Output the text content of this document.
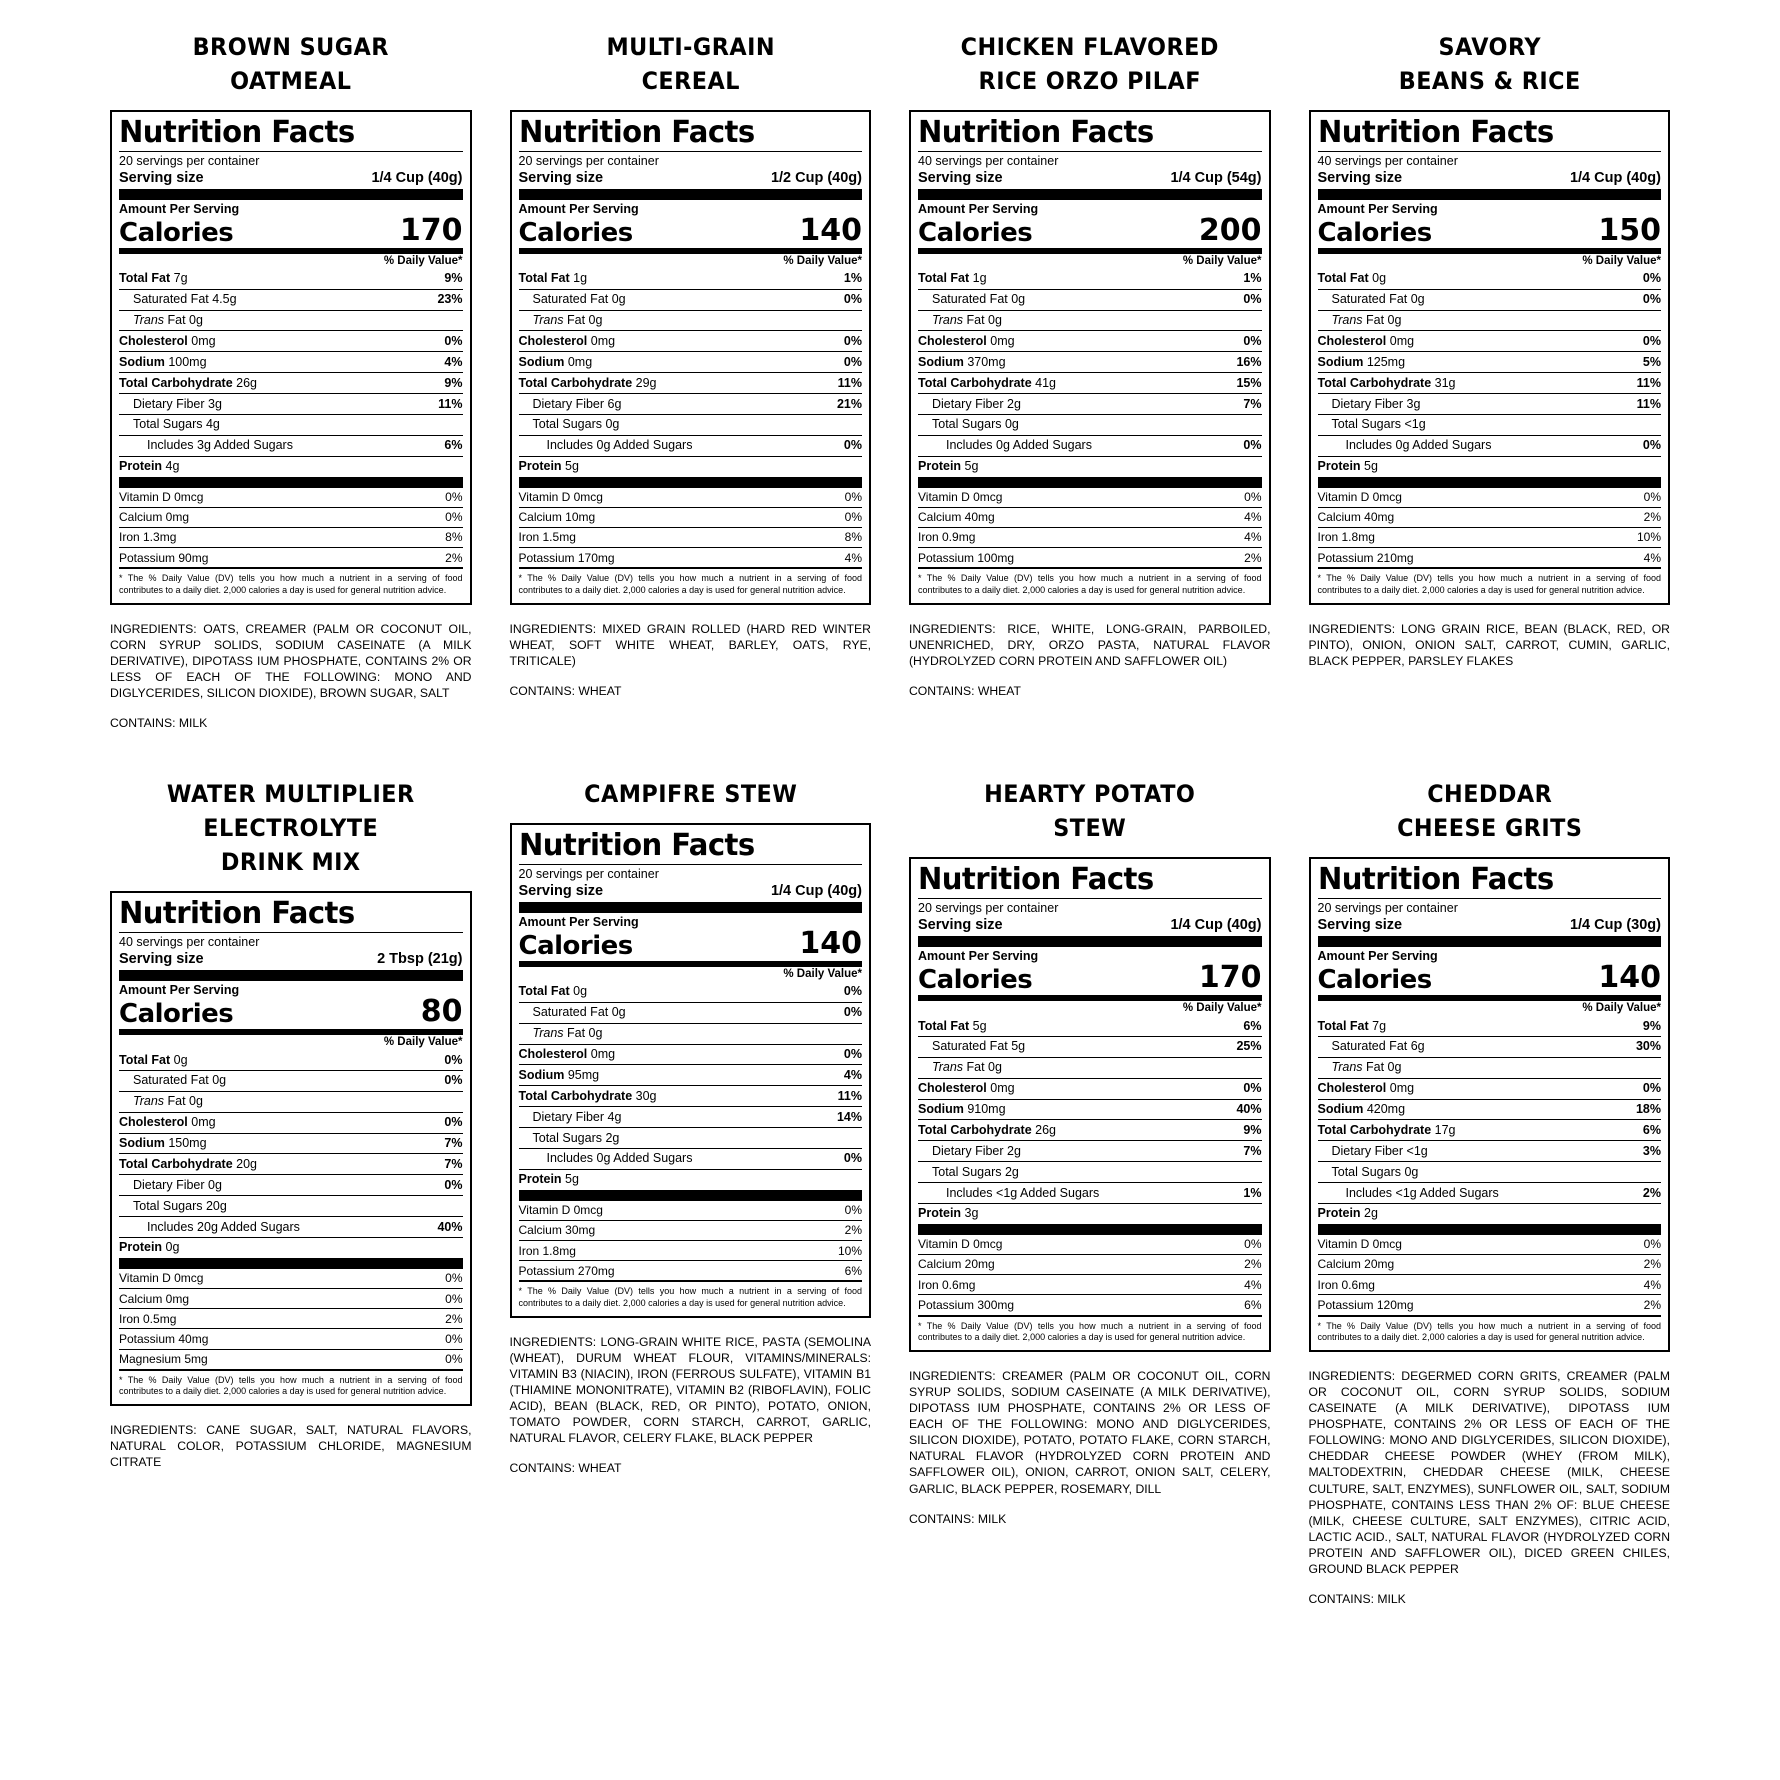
BROWN SUGAR
OATMEAL
Nutrition Facts
20 servings per container
Serving size	1/4 Cup (40g)
Amount Per Serving
Calories	170
% Daily Value*
Total Fat 7g	9%
Saturated Fat 4.5g	23%
Trans Fat 0g
Cholesterol 0mg	0%
Sodium 100mg	4%
Total Carbohydrate 26g	9%
Dietary Fiber 3g	11%
Total Sugars 4g
Includes 3g Added Sugars	6%
Protein 4g
Vitamin D 0mcg	0%
Calcium 0mg	0%
Iron 1.3mg	8%
Potassium 90mg	2%
* The % Daily Value (DV) tells you how much a nutrient in a serving of food contributes to a daily diet. 2,000 calories a day is used for general nutrition advice.
INGREDIENTS: OATS, CREAMER (PALM OR COCONUT OIL, CORN SYRUP SOLIDS, SODIUM CASEINATE (A MILK DERIVATIVE), DIPOTASS IUM PHOSPHATE, CONTAINS 2% OR LESS OF EACH OF THE FOLLOWING: MONO AND DIGLYCERIDES, SILICON DIOXIDE), BROWN SUGAR, SALT
CONTAINS: MILK
MULTI-GRAIN
CEREAL
Nutrition Facts
20 servings per container
Serving size	1/2 Cup (40g)
Amount Per Serving
Calories	140
% Daily Value*
Total Fat 1g	1%
Saturated Fat 0g	0%
Trans Fat 0g
Cholesterol 0mg	0%
Sodium 0mg	0%
Total Carbohydrate 29g	11%
Dietary Fiber 6g	21%
Total Sugars 0g
Includes 0g Added Sugars	0%
Protein 5g
Vitamin D 0mcg	0%
Calcium 10mg	0%
Iron 1.5mg	8%
Potassium 170mg	4%
* The % Daily Value (DV) tells you how much a nutrient in a serving of food contributes to a daily diet. 2,000 calories a day is used for general nutrition advice.
INGREDIENTS: MIXED GRAIN ROLLED (HARD RED WINTER WHEAT, SOFT WHITE WHEAT, BARLEY, OATS, RYE, TRITICALE)
CONTAINS: WHEAT
CHICKEN FLAVORED
RICE ORZO PILAF
Nutrition Facts
40 servings per container
Serving size	1/4 Cup (54g)
Amount Per Serving
Calories	200
% Daily Value*
Total Fat 1g	1%
Saturated Fat 0g	0%
Trans Fat 0g
Cholesterol 0mg	0%
Sodium 370mg	16%
Total Carbohydrate 41g	15%
Dietary Fiber 2g	7%
Total Sugars 0g
Includes 0g Added Sugars	0%
Protein 5g
Vitamin D 0mcg	0%
Calcium 40mg	4%
Iron 0.9mg	4%
Potassium 100mg	2%
* The % Daily Value (DV) tells you how much a nutrient in a serving of food contributes to a daily diet. 2,000 calories a day is used for general nutrition advice.
INGREDIENTS: RICE, WHITE, LONG-GRAIN, PARBOILED, UNENRICHED, DRY, ORZO PASTA, NATURAL FLAVOR (HYDROLYZED CORN PROTEIN AND SAFFLOWER OIL)
CONTAINS: WHEAT
SAVORY
BEANS & RICE
Nutrition Facts
40 servings per container
Serving size	1/4 Cup (40g)
Amount Per Serving
Calories	150
% Daily Value*
Total Fat 0g	0%
Saturated Fat 0g	0%
Trans Fat 0g
Cholesterol 0mg	0%
Sodium 125mg	5%
Total Carbohydrate 31g	11%
Dietary Fiber 3g	11%
Total Sugars <1g
Includes 0g Added Sugars	0%
Protein 5g
Vitamin D 0mcg	0%
Calcium 40mg	2%
Iron 1.8mg	10%
Potassium 210mg	4%
* The % Daily Value (DV) tells you how much a nutrient in a serving of food contributes to a daily diet. 2,000 calories a day is used for general nutrition advice.
INGREDIENTS: LONG GRAIN RICE, BEAN (BLACK, RED, OR PINTO), ONION, ONION SALT, CARROT, CUMIN, GARLIC, BLACK PEPPER, PARSLEY FLAKES
WATER MULTIPLIER
ELECTROLYTE
DRINK MIX
Nutrition Facts
40 servings per container
Serving size	2 Tbsp (21g)
Amount Per Serving
Calories	80
% Daily Value*
Total Fat 0g	0%
Saturated Fat 0g	0%
Trans Fat 0g
Cholesterol 0mg	0%
Sodium 150mg	7%
Total Carbohydrate 20g	7%
Dietary Fiber 0g	0%
Total Sugars 20g
Includes 20g Added Sugars	40%
Protein 0g
Vitamin D 0mcg	0%
Calcium 0mg	0%
Iron 0.5mg	2%
Potassium 40mg	0%
Magnesium 5mg	0%
* The % Daily Value (DV) tells you how much a nutrient in a serving of food contributes to a daily diet. 2,000 calories a day is used for general nutrition advice.
INGREDIENTS: CANE SUGAR, SALT, NATURAL FLAVORS, NATURAL COLOR, POTASSIUM CHLORIDE, MAGNESIUM CITRATE
CAMPIFRE STEW
Nutrition Facts
20 servings per container
Serving size	1/4 Cup (40g)
Amount Per Serving
Calories	140
% Daily Value*
Total Fat 0g	0%
Saturated Fat 0g	0%
Trans Fat 0g
Cholesterol 0mg	0%
Sodium 95mg	4%
Total Carbohydrate 30g	11%
Dietary Fiber 4g	14%
Total Sugars 2g
Includes 0g Added Sugars	0%
Protein 5g
Vitamin D 0mcg	0%
Calcium 30mg	2%
Iron 1.8mg	10%
Potassium 270mg	6%
* The % Daily Value (DV) tells you how much a nutrient in a serving of food contributes to a daily diet. 2,000 calories a day is used for general nutrition advice.
INGREDIENTS: LONG-GRAIN WHITE RICE, PASTA (SEMOLINA (WHEAT), DURUM WHEAT FLOUR, VITAMINS/MINERALS: VITAMIN B3 (NIACIN), IRON (FERROUS SULFATE), VITAMIN B1 (THIAMINE MONONITRATE), VITAMIN B2 (RIBOFLAVIN), FOLIC ACID), BEAN (BLACK, RED, OR PINTO), POTATO, ONION, TOMATO POWDER, CORN STARCH, CARROT, GARLIC, NATURAL FLAVOR, CELERY FLAKE, BLACK PEPPER
CONTAINS: WHEAT
HEARTY POTATO
STEW
Nutrition Facts
20 servings per container
Serving size	1/4 Cup (40g)
Amount Per Serving
Calories	170
% Daily Value*
Total Fat 5g	6%
Saturated Fat 5g	25%
Trans Fat 0g
Cholesterol 0mg	0%
Sodium 910mg	40%
Total Carbohydrate 26g	9%
Dietary Fiber 2g	7%
Total Sugars 2g
Includes <1g Added Sugars	1%
Protein 3g
Vitamin D 0mcg	0%
Calcium 20mg	2%
Iron 0.6mg	4%
Potassium 300mg	6%
* The % Daily Value (DV) tells you how much a nutrient in a serving of food contributes to a daily diet. 2,000 calories a day is used for general nutrition advice.
INGREDIENTS: CREAMER (PALM OR COCONUT OIL, CORN SYRUP SOLIDS, SODIUM CASEINATE (A MILK DERIVATIVE), DIPOTASS IUM PHOSPHATE, CONTAINS 2% OR LESS OF EACH OF THE FOLLOWING: MONO AND DIGLYCERIDES, SILICON DIOXIDE), POTATO, POTATO FLAKE, CORN STARCH, NATURAL FLAVOR (HYDROLYZED CORN PROTEIN AND SAFFLOWER OIL), ONION, CARROT, ONION SALT, CELERY, GARLIC, BLACK PEPPER, ROSEMARY, DILL
CONTAINS: MILK
CHEDDAR
CHEESE GRITS
Nutrition Facts
20 servings per container
Serving size	1/4 Cup (30g)
Amount Per Serving
Calories	140
% Daily Value*
Total Fat 7g	9%
Saturated Fat 6g	30%
Trans Fat 0g
Cholesterol 0mg	0%
Sodium 420mg	18%
Total Carbohydrate 17g	6%
Dietary Fiber <1g	3%
Total Sugars 0g
Includes <1g Added Sugars	2%
Protein 2g
Vitamin D 0mcg	0%
Calcium 20mg	2%
Iron 0.6mg	4%
Potassium 120mg	2%
* The % Daily Value (DV) tells you how much a nutrient in a serving of food contributes to a daily diet. 2,000 calories a day is used for general nutrition advice.
INGREDIENTS: DEGERMED CORN GRITS, CREAMER (PALM OR COCONUT OIL, CORN SYRUP SOLIDS, SODIUM CASEINATE (A MILK DERIVATIVE), DIPOTASS IUM PHOSPHATE, CONTAINS 2% OR LESS OF EACH OF THE FOLLOWING: MONO AND DIGLYCERIDES, SILICON DIOXIDE), CHEDDAR CHEESE POWDER (WHEY (FROM MILK), MALTODEXTRIN, CHEDDAR CHEESE (MILK, CHEESE CULTURE, SALT, ENZYMES), SUNFLOWER OIL, SALT, SODIUM PHOSPHATE, CONTAINS LESS THAN 2% OF: BLUE CHEESE (MILK, CHEESE CULTURE, SALT ENZYMES), CITRIC ACID, LACTIC ACID., SALT, NATURAL FLAVOR (HYDROLYZED CORN PROTEIN AND SAFFLOWER OIL), DICED GREEN CHILES, GROUND BLACK PEPPER
CONTAINS: MILK
